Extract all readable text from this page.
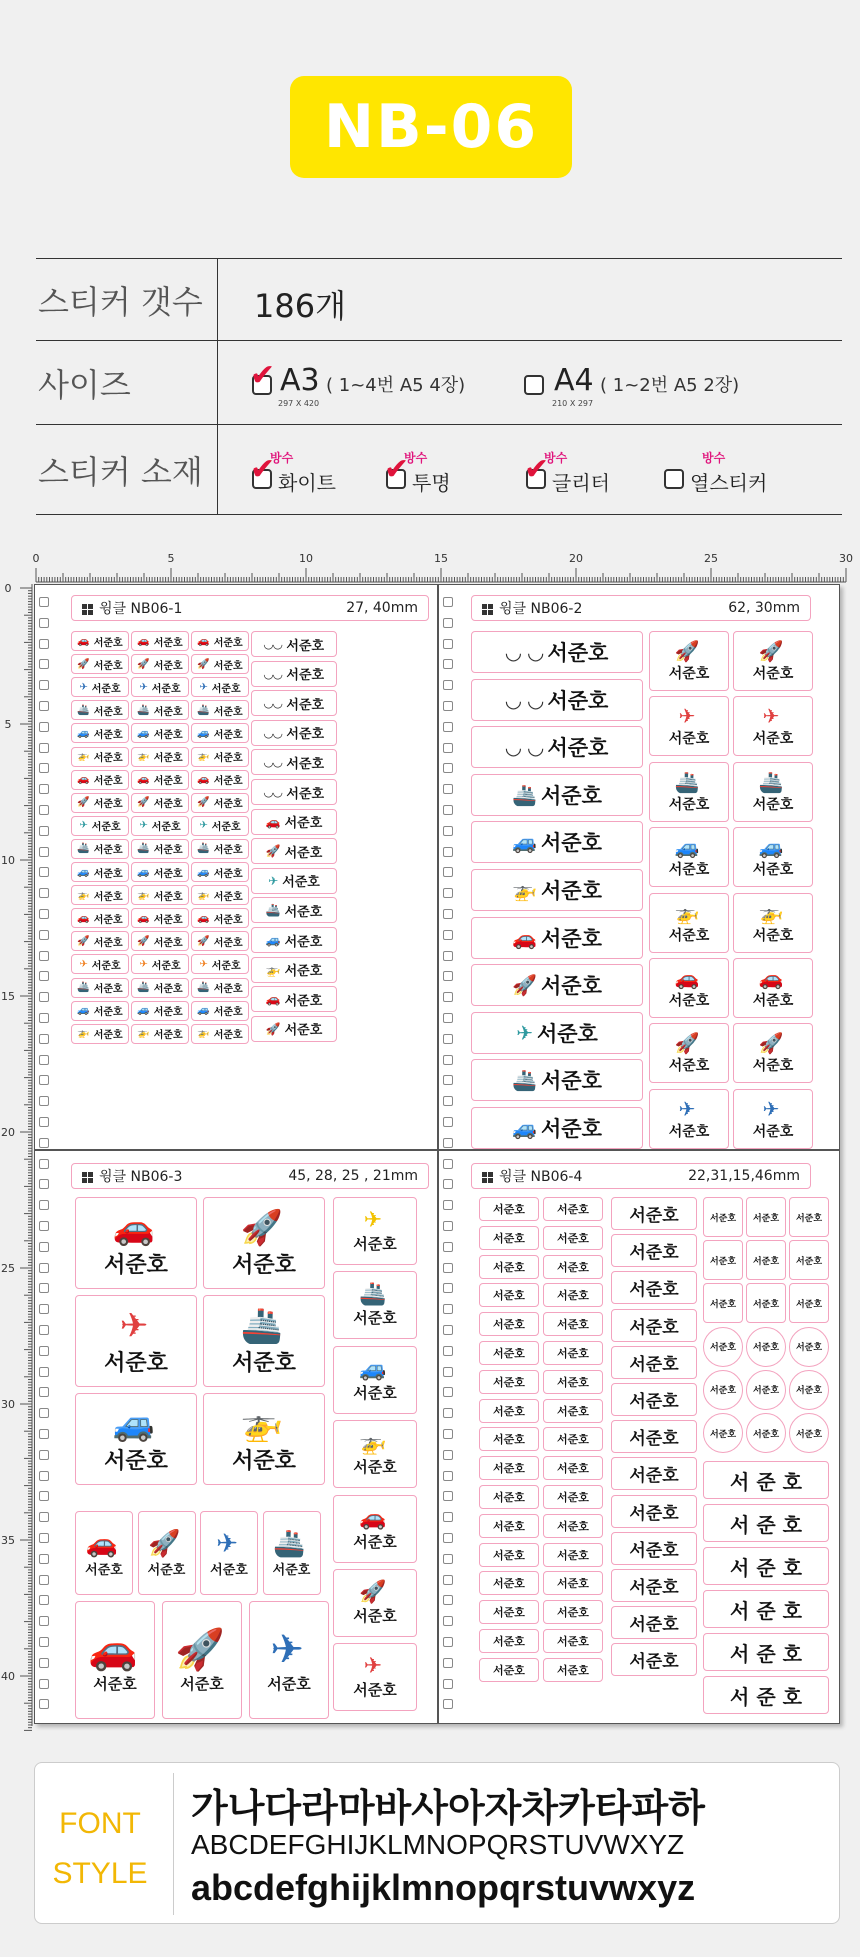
NB-06
스티커 갯수	186개
사이즈	✔ A3
297 X 420
( 1~4번 A5 4장)	A4
210 X 297
( 1~2번 A5 2장)
스티커 소재	방수
✔ 화이트
방수
✔ 투명
방수
✔ 글리터
방수
열스티커
0	5	10	15	20	25	30
0
5
10
15
20
25
30
35
40
윙클 NB06-1	27, 40mm	윙클 NB06-2	62, 30mm
윙클 NB06-3	45, 28, 25 , 21mm	윙클 NB06-4	22,31,15,46mm
🚗 서준호 🚗 서준호 🚗 서준호
🚀 서준호 🚀 서준호 🚀 서준호
✈ 서준호 ✈ 서준호 ✈ 서준호
🚢 서준호 🚢 서준호 🚢 서준호
🚙 서준호 🚙 서준호 🚙 서준호
🚁 서준호 🚁 서준호 🚁 서준호
🚗 서준호 🚗 서준호 🚗 서준호
🚀 서준호 🚀 서준호 🚀 서준호
✈ 서준호 ✈ 서준호 ✈ 서준호
🚢 서준호 🚢 서준호 🚢 서준호
🚙 서준호 🚙 서준호 🚙 서준호
🚁 서준호 🚁 서준호 🚁 서준호
🚗 서준호 🚗 서준호 🚗 서준호
🚀 서준호 🚀 서준호 🚀 서준호
✈ 서준호 ✈ 서준호 ✈ 서준호
🚢 서준호 🚢 서준호 🚢 서준호
🚙 서준호 🚙 서준호 🚙 서준호
🚁 서준호 🚁 서준호 🚁 서준호
◡◡ 서준호
◡◡ 서준호
◡◡ 서준호
◡◡ 서준호
◡◡ 서준호
◡◡ 서준호
🚗 서준호
🚀 서준호
✈ 서준호
🚢 서준호
🚙 서준호
🚁 서준호
🚗 서준호
🚀 서준호
◡ ◡ 서준호
◡ ◡ 서준호
◡ ◡ 서준호
🚢 서준호
🚙 서준호
🚁 서준호
🚗 서준호
🚀 서준호
✈ 서준호
🚢 서준호
🚙 서준호
🚀
서준호
🚀
서준호
✈
서준호
✈
서준호
🚢
서준호
🚢
서준호
🚙
서준호
🚙
서준호
🚁
서준호
🚁
서준호
🚗
서준호
🚗
서준호
🚀
서준호
🚀
서준호
✈
서준호
✈
서준호
🚗
서준호
🚀
서준호
✈
서준호
🚢
서준호
🚙
서준호
🚁
서준호
✈
서준호
🚢
서준호
🚙
서준호
🚁
서준호
🚗
서준호
🚀
서준호
✈
서준호
🚗
서준호
🚀
서준호
✈
서준호
🚢
서준호
🚗
서준호
🚀
서준호
✈
서준호
서준호	서준호
서준호	서준호
서준호	서준호
서준호	서준호
서준호	서준호
서준호	서준호
서준호	서준호
서준호	서준호
서준호	서준호
서준호	서준호
서준호	서준호
서준호	서준호
서준호	서준호
서준호	서준호
서준호	서준호
서준호	서준호
서준호	서준호
서준호
서준호
서준호
서준호
서준호
서준호
서준호
서준호
서준호
서준호
서준호
서준호
서준호
서준호 서준호 서준호
서준호 서준호 서준호
서준호 서준호 서준호
서준호 서준호 서준호
서준호 서준호 서준호
서준호 서준호 서준호
서 준 호
서 준 호
서 준 호
서 준 호
서 준 호
서 준 호
FONT
STYLE
가나다라마바사아자차카타파하
ABCDEFGHIJKLMNOPQRSTUVWXYZ
abcdefghijklmnopqrstuvwxyz
